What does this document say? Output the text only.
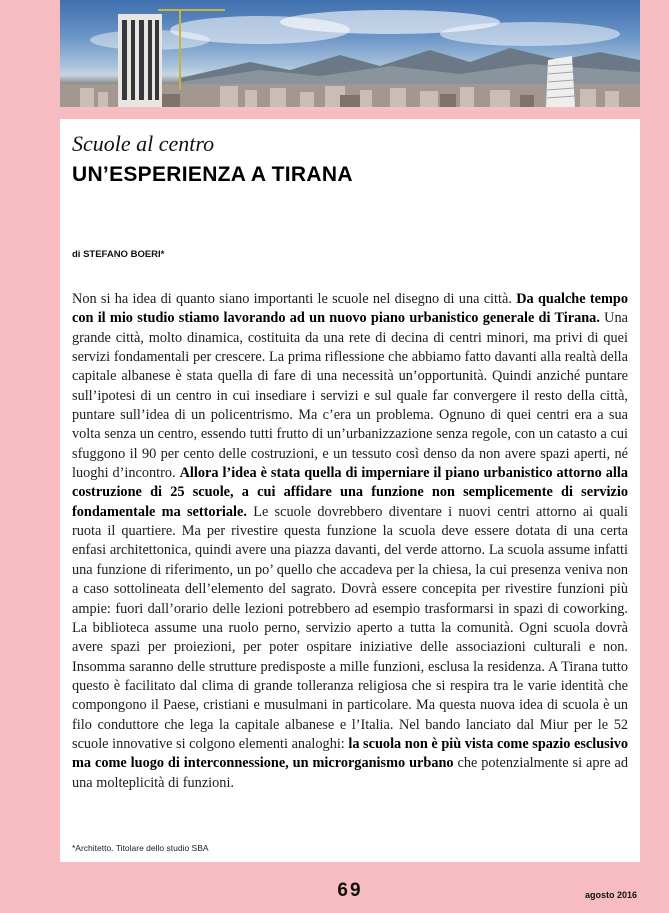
Scuole al centro
UN’ESPERIENZA A TIRANA

di STEFANO BOERI*

Non si ha idea di quanto siano importanti le scuole nel disegno di una città. Da qualche tempo con il mio studio stiamo lavorando ad un nuovo piano urbanistico generale di Tirana. Una grande città, molto dinamica, costituita da una rete di decina di centri minori, ma privi di quei servizi fondamentali per crescere. La prima riflessione che abbiamo fatto davanti alla realtà della capitale albanese è stata quella di fare di una necessità un’opportunità. Quindi anziché puntare sull’ipotesi di un centro in cui insediare i servizi e sul quale far convergere il resto della città, puntare sull’idea di un policentrismo. Ma c’era un problema. Ognuno di quei centri era a sua volta senza un centro, essendo tutti frutto di un’urbanizzazione senza regole, con un catasto a cui sfuggono il 90 per cento delle costruzioni, e un tessuto così denso da non avere spazi aperti, né luoghi d’incontro. Allora l’idea è stata quella di imperniare il piano urbanistico attorno alla costruzione di 25 scuole, a cui affidare una funzione non semplicemente di servizio fondamentale ma settoriale. Le scuole dovrebbero diventare i nuovi centri attorno ai quali ruota il quartiere. Ma per rivestire questa funzione la scuola deve essere dotata di una certa enfasi architettonica, quindi avere una piazza davanti, del verde attorno. La scuola assume infatti una funzione di riferimento, un po’ quello che accadeva per la chiesa, la cui presenza veniva non a caso sottolineata dell’elemento del sagrato. Dovrà essere concepita per rivestire funzioni più ampie: fuori dall’orario delle lezioni potrebbero ad esempio trasformarsi in spazi di coworking. La biblioteca assume una ruolo perno, servizio aperto a tutta la comunità. Ogni scuola dovrà avere spazi per proiezioni, per poter ospitare iniziative delle associazioni culturali e non. Insomma saranno delle strutture predisposte a mille funzioni, esclusa la residenza. A Tirana tutto questo è facilitato dal clima di grande tolleranza religiosa che si respira tra le varie identità che compongono il Paese, cristiani e musulmani in particolare. Ma questa nuova idea di scuola è un filo conduttore che lega la capitale albanese e l’Italia. Nel bando lanciato dal Miur per le 52 scuole innovative si colgono elementi analoghi: la scuola non è più vista come spazio esclusivo ma come luogo di interconnessione, un microrganismo urbano che potenzialmente si apre ad una molteplicità di funzioni.

*Architetto. Titolare dello studio SBA

69	agosto 2016
